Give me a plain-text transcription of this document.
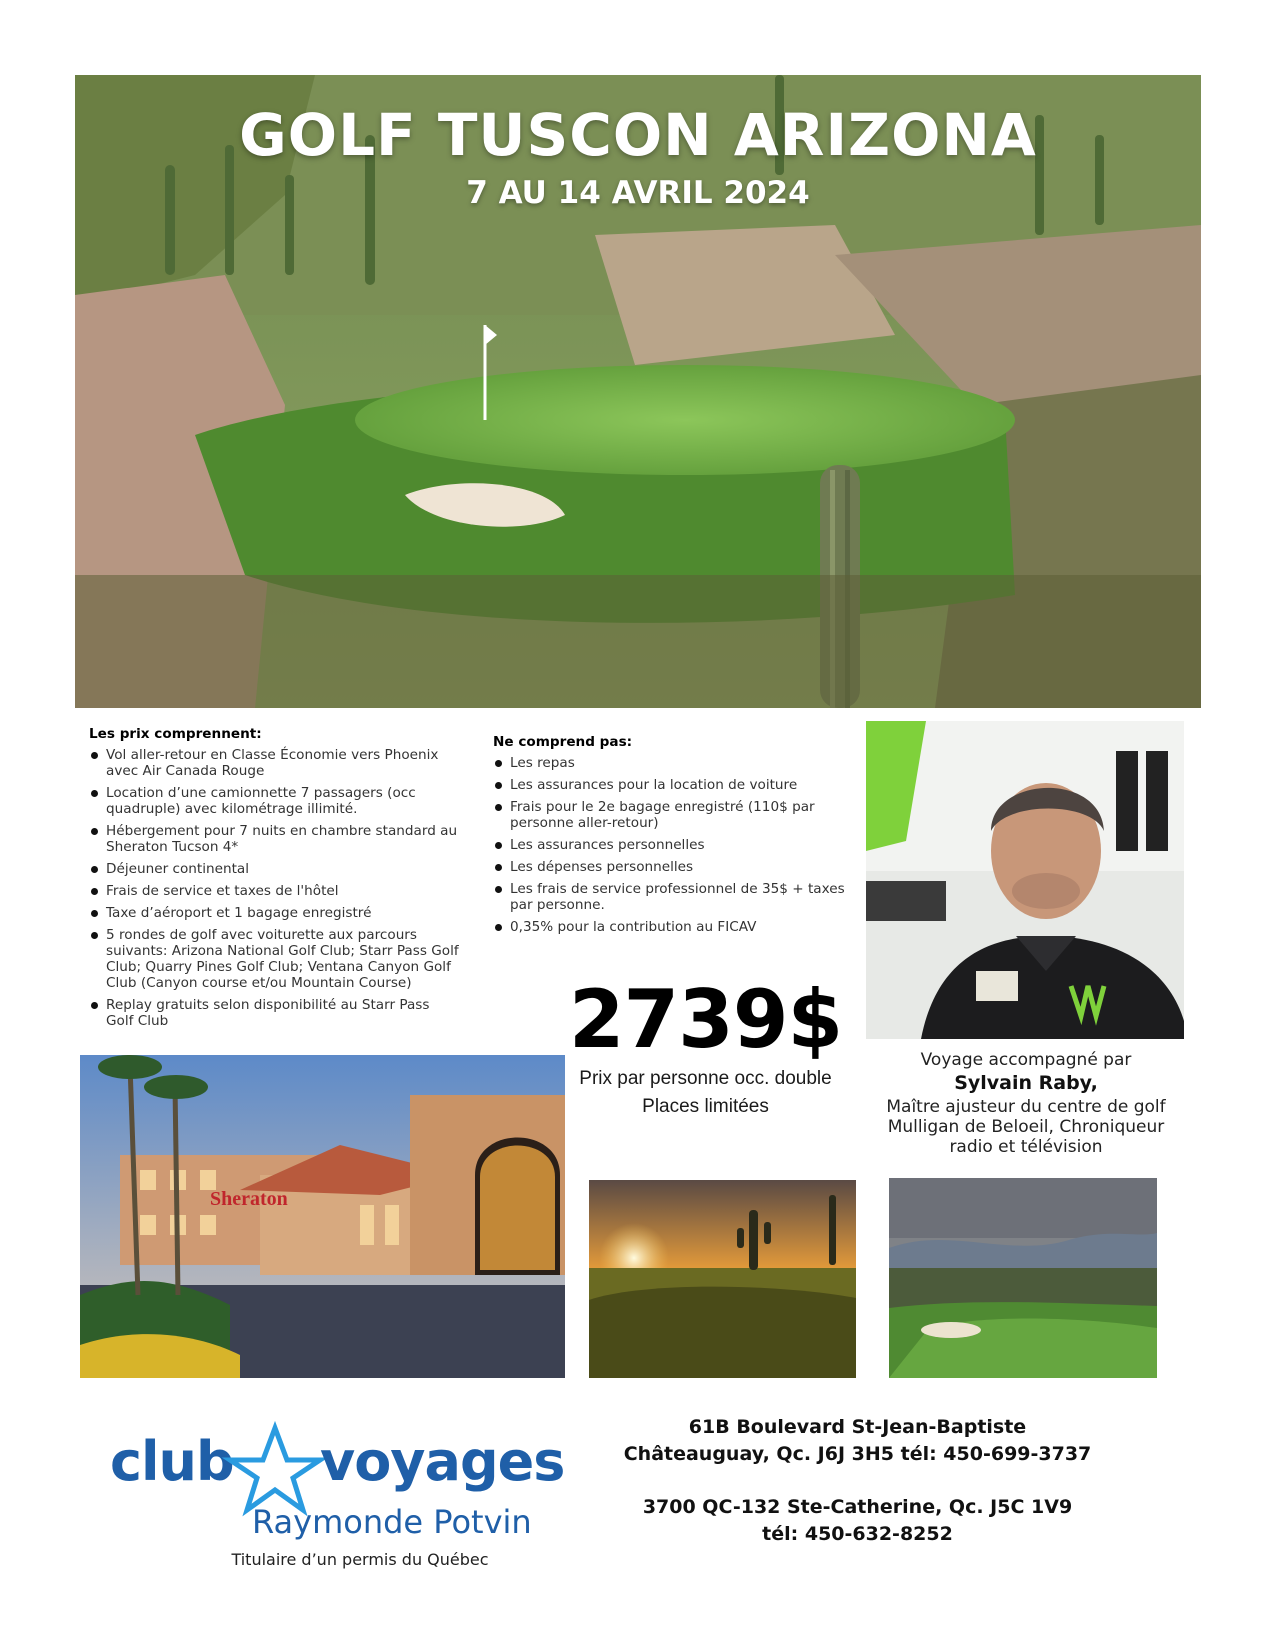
GOLF TUSCON ARIZONA
7 AU 14 AVRIL 2024
Les prix comprennent:
Vol aller-retour en Classe Économie vers Phoenix avec Air Canada Rouge
Location d’une camionnette 7 passagers (occ quadruple) avec kilométrage illimité.
Hébergement pour 7 nuits en chambre standard au Sheraton Tucson 4*
Déjeuner continental
Frais de service et taxes de l'hôtel
Taxe d’aéroport et 1 bagage enregistré
5 rondes de golf avec voiturette aux parcours suivants: Arizona National Golf Club; Starr Pass Golf Club; Quarry Pines Golf Club; Ventana Canyon Golf Club (Canyon course et/ou Mountain Course)
Replay gratuits selon disponibilité au Starr Pass Golf Club
Ne comprend pas:
Les repas
Les assurances pour la location de voiture
Frais pour le 2e bagage enregistré (110$ par personne aller-retour)
Les assurances personnelles
Les dépenses personnelles
Les frais de service professionnel de 35$ + taxes par personne.
0,35% pour la contribution au FICAV
2739$
Prix par personne occ. double
Places limitées
Voyage accompagné par
Sylvain Raby,
Maître ajusteur du centre de golf
Mulligan de Beloeil, Chroniqueur
radio et télévision
Sheraton
club voyages
Raymonde Potvin
Titulaire d’un permis du Québec
61B Boulevard St-Jean-Baptiste
Châteauguay, Qc. J6J 3H5 tél: 450-699-3737
3700 QC-132 Ste-Catherine, Qc. J5C 1V9
tél: 450-632-8252
